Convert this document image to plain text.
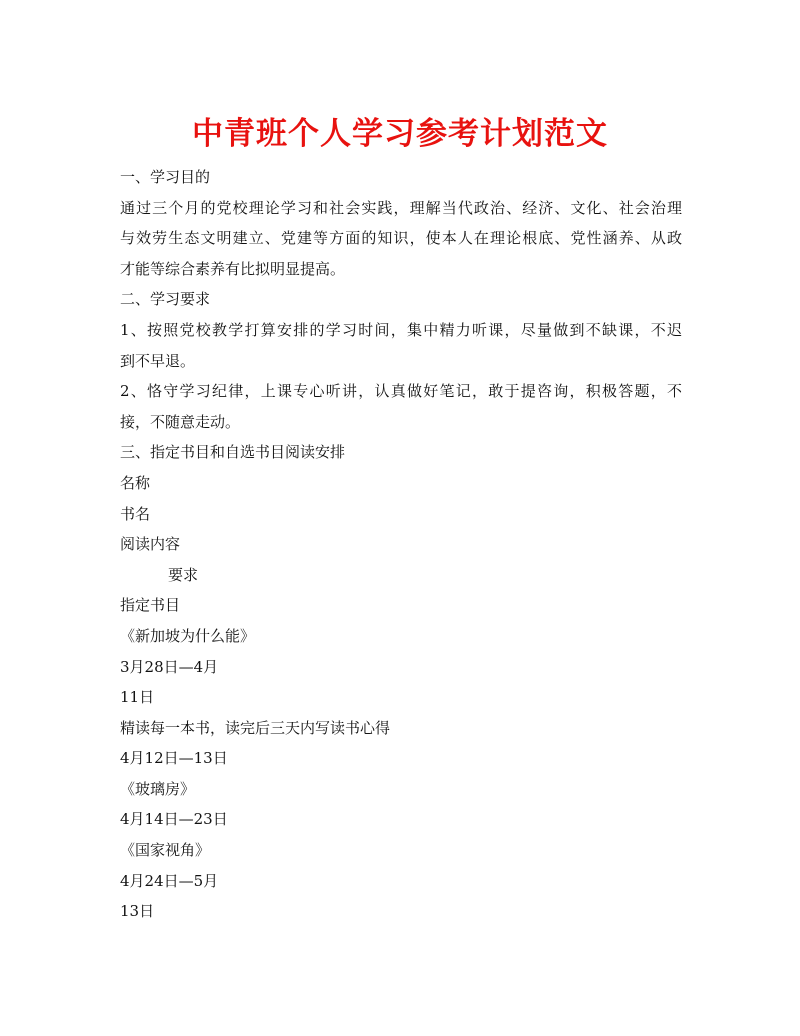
中青班个人学习参考计划范文
一、学习目的
通过三个月的党校理论学习和社会实践，理解当代政治、经济、文化、社会治理
与效劳生态文明建立、党建等方面的知识，使本人在理论根底、党性涵养、从政
才能等综合素养有比拟明显提高。
二、学习要求
1、按照党校教学打算安排的学习时间，集中精力听课，尽量做到不缺课，不迟
到不早退。
2、恪守学习纪律，上课专心听讲，认真做好笔记，敢于提咨询，积极答题，不
接，不随意走动。
三、指定书目和自选书目阅读安排
名称
书名
阅读内容
要求
指定书目
《新加坡为什么能》
3月28日—4月
11日
精读每一本书，读完后三天内写读书心得
4月12日—13日
《玻璃房》
4月14日—23日
《国家视角》
4月24日—5月
13日
